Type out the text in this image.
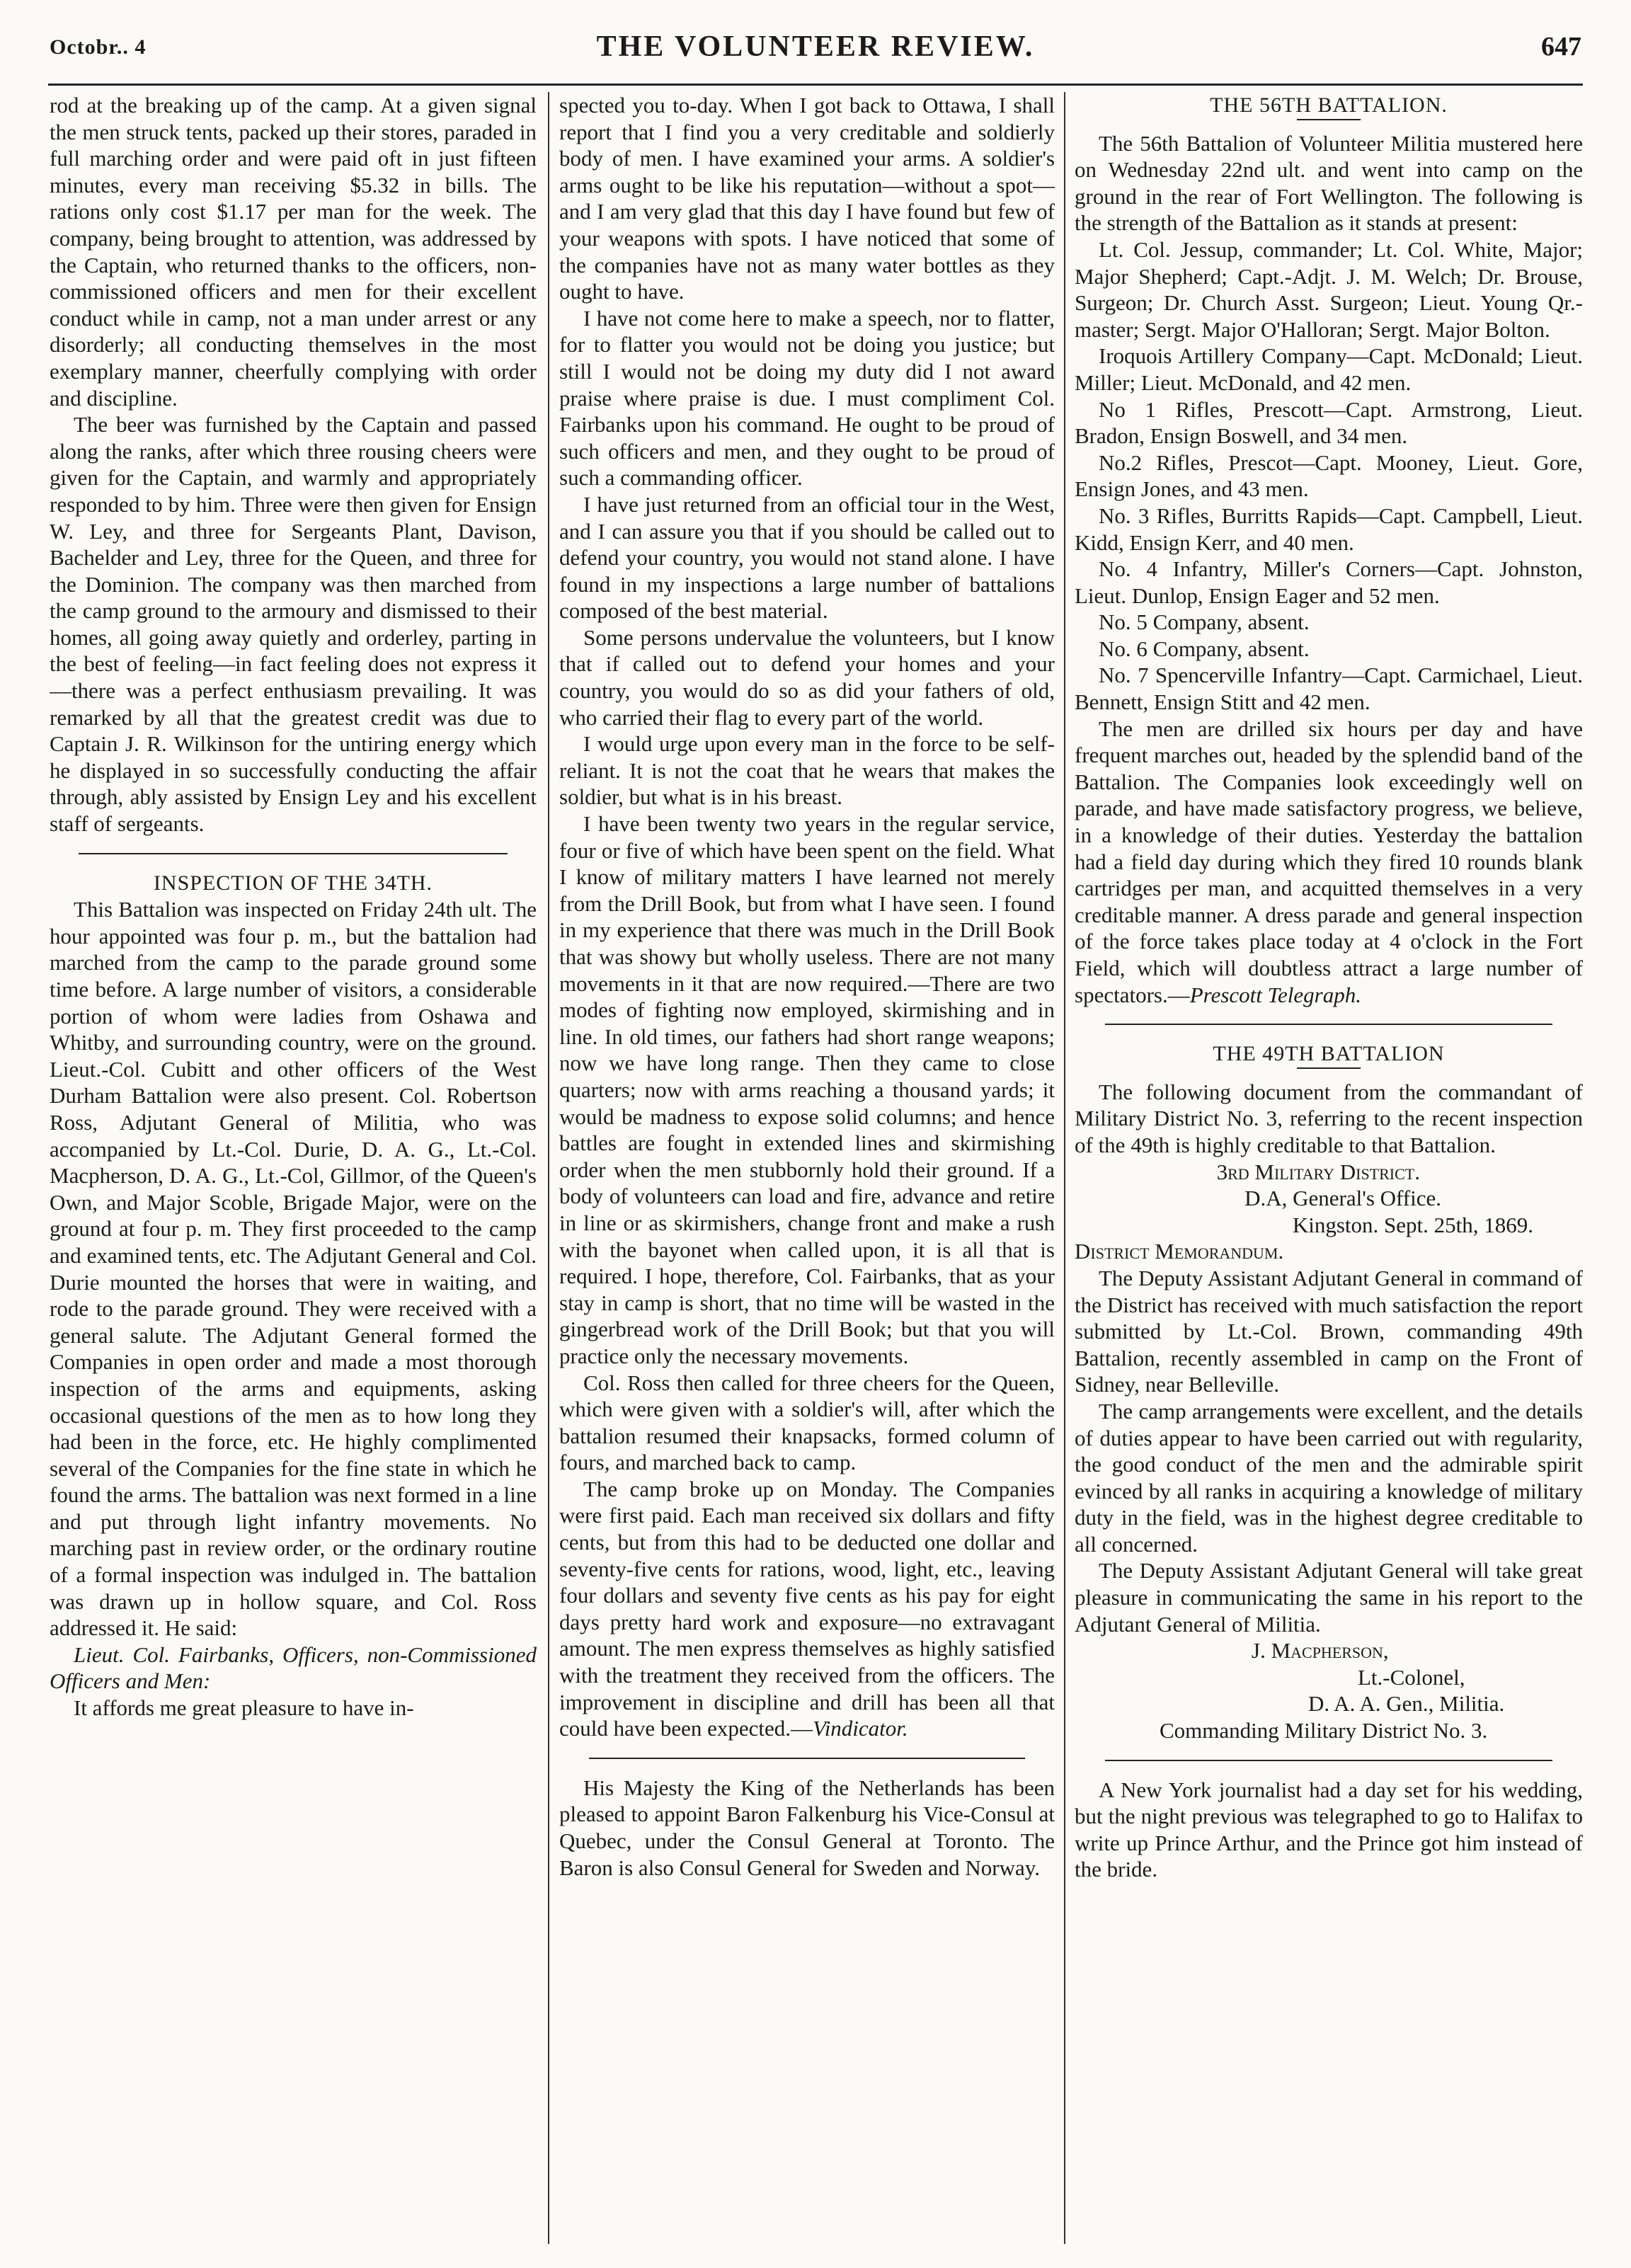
Octobr.. 4	THE VOLUNTEER REVIEW.	647

rod at the breaking up of the camp. At a given signal the men struck tents, packed up their stores, paraded in full marching order and were paid oft in just fifteen minutes, every man receiving $5.32 in bills. The rations only cost $1.17 per man for the week. The company, being brought to attention, was addressed by the Captain, who returned thanks to the officers, non-commissioned officers and men for their excellent conduct while in camp, not a man under arrest or any disorderly; all conducting themselves in the most exemplary manner, cheerfully complying with order and discipline.

The beer was furnished by the Captain and passed along the ranks, after which three rousing cheers were given for the Captain, and warmly and appropriately responded to by him. Three were then given for Ensign W. Ley, and three for Sergeants Plant, Davison, Bachelder and Ley, three for the Queen, and three for the Dominion. The company was then marched from the camp ground to the armoury and dismissed to their homes, all going away quietly and orderley, parting in the best of feeling—in fact feeling does not express it—there was a perfect enthusiasm prevailing. It was remarked by all that the greatest credit was due to Captain J. R. Wilkinson for the untiring energy which he displayed in so successfully conducting the affair through, ably assisted by Ensign Ley and his excellent staff of sergeants.

INSPECTION OF THE 34TH.

This Battalion was inspected on Friday 24th ult. The hour appointed was four p. m., but the battalion had marched from the camp to the parade ground some time before. A large number of visitors, a considerable portion of whom were ladies from Oshawa and Whitby, and surrounding country, were on the ground. Lieut.-Col. Cubitt and other officers of the West Durham Battalion were also present. Col. Robertson Ross, Adjutant General of Militia, who was accompanied by Lt.-Col. Durie, D. A. G., Lt.-Col. Macpherson, D. A. G., Lt.-Col, Gillmor, of the Queen's Own, and Major Scoble, Brigade Major, were on the ground at four p. m. They first proceeded to the camp and examined tents, etc. The Adjutant General and Col. Durie mounted the horses that were in waiting, and rode to the parade ground. They were received with a general salute. The Adjutant General formed the Companies in open order and made a most thorough inspection of the arms and equipments, asking occasional questions of the men as to how long they had been in the force, etc. He highly complimented several of the Companies for the fine state in which he found the arms. The battalion was next formed in a line and put through light infantry movements. No marching past in review order, or the ordinary routine of a formal inspection was indulged in. The battalion was drawn up in hollow square, and Col. Ross addressed it. He said:

Lieut. Col. Fairbanks, Officers, non-Commissioned Officers and Men:

It affords me great pleasure to have in-

spected you to-day. When I got back to Ottawa, I shall report that I find you a very creditable and soldierly body of men. I have examined your arms. A soldier's arms ought to be like his reputation—without a spot—and I am very glad that this day I have found but few of your weapons with spots. I have noticed that some of the companies have not as many water bottles as they ought to have.

I have not come here to make a speech, nor to flatter, for to flatter you would not be doing you justice; but still I would not be doing my duty did I not award praise where praise is due. I must compliment Col. Fairbanks upon his command. He ought to be proud of such officers and men, and they ought to be proud of such a commanding officer.

I have just returned from an official tour in the West, and I can assure you that if you should be called out to defend your country, you would not stand alone. I have found in my inspections a large number of battalions composed of the best material.

Some persons undervalue the volunteers, but I know that if called out to defend your homes and your country, you would do so as did your fathers of old, who carried their flag to every part of the world.

I would urge upon every man in the force to be self-reliant. It is not the coat that he wears that makes the soldier, but what is in his breast.

I have been twenty two years in the regular service, four or five of which have been spent on the field. What I know of military matters I have learned not merely from the Drill Book, but from what I have seen. I found in my experience that there was much in the Drill Book that was showy but wholly useless. There are not many movements in it that are now required.—There are two modes of fighting now employed, skirmishing and in line. In old times, our fathers had short range weapons; now we have long range. Then they came to close quarters; now with arms reaching a thousand yards; it would be madness to expose solid columns; and hence battles are fought in extended lines and skirmishing order when the men stubbornly hold their ground. If a body of volunteers can load and fire, advance and retire in line or as skirmishers, change front and make a rush with the bayonet when called upon, it is all that is required. I hope, therefore, Col. Fairbanks, that as your stay in camp is short, that no time will be wasted in the gingerbread work of the Drill Book; but that you will practice only the necessary movements.

Col. Ross then called for three cheers for the Queen, which were given with a soldier's will, after which the battalion resumed their knapsacks, formed column of fours, and marched back to camp.

The camp broke up on Monday. The Companies were first paid. Each man received six dollars and fifty cents, but from this had to be deducted one dollar and seventy-five cents for rations, wood, light, etc., leaving four dollars and seventy five cents as his pay for eight days pretty hard work and exposure—no extravagant amount. The men express themselves as highly satisfied with the treatment they received from the officers. The improvement in discipline and drill has been all that could have been expected.—Vindicator.

His Majesty the King of the Netherlands has been pleased to appoint Baron Falkenburg his Vice-Consul at Quebec, under the Consul General at Toronto. The Baron is also Consul General for Sweden and Norway.

THE 56TH BATTALION.

The 56th Battalion of Volunteer Militia mustered here on Wednesday 22nd ult. and went into camp on the ground in the rear of Fort Wellington. The following is the strength of the Battalion as it stands at present:

Lt. Col. Jessup, commander; Lt. Col. White, Major; Major Shepherd; Capt.-Adjt. J. M. Welch; Dr. Brouse, Surgeon; Dr. Church Asst. Surgeon; Lieut. Young Qr.-master; Sergt. Major O'Halloran; Sergt. Major Bolton.

Iroquois Artillery Company—Capt. McDonald; Lieut. Miller; Lieut. McDonald, and 42 men.

No 1 Rifles, Prescott—Capt. Armstrong, Lieut. Bradon, Ensign Boswell, and 34 men.

No.2 Rifles, Prescot—Capt. Mooney, Lieut. Gore, Ensign Jones, and 43 men.

No. 3 Rifles, Burritts Rapids—Capt. Campbell, Lieut. Kidd, Ensign Kerr, and 40 men.

No. 4 Infantry, Miller's Corners—Capt. Johnston, Lieut. Dunlop, Ensign Eager and 52 men.

No. 5 Company, absent.

No. 6 Company, absent.

No. 7 Spencerville Infantry—Capt. Carmichael, Lieut. Bennett, Ensign Stitt and 42 men.

The men are drilled six hours per day and have frequent marches out, headed by the splendid band of the Battalion. The Companies look exceedingly well on parade, and have made satisfactory progress, we believe, in a knowledge of their duties. Yesterday the battalion had a field day during which they fired 10 rounds blank cartridges per man, and acquitted themselves in a very creditable manner. A dress parade and general inspection of the force takes place today at 4 o'clock in the Fort Field, which will doubtless attract a large number of spectators.—Prescott Telegraph.

THE 49TH BATTALION

The following document from the commandant of Military District No. 3, referring to the recent inspection of the 49th is highly creditable to that Battalion.

3rd Military District.

D.A, General's Office.

Kingston. Sept. 25th, 1869.

District Memorandum.

The Deputy Assistant Adjutant General in command of the District has received with much satisfaction the report submitted by Lt.-Col. Brown, commanding 49th Battalion, recently assembled in camp on the Front of Sidney, near Belleville.

The camp arrangements were excellent, and the details of duties appear to have been carried out with regularity, the good conduct of the men and the admirable spirit evinced by all ranks in acquiring a knowledge of military duty in the field, was in the highest degree creditable to all concerned.

The Deputy Assistant Adjutant General will take great pleasure in communicating the same in his report to the Adjutant General of Militia.

J. Macpherson,
Lt.-Colonel,
D. A. A. Gen., Militia.
Commanding Military District No. 3.

A New York journalist had a day set for his wedding, but the night previous was telegraphed to go to Halifax to write up Prince Arthur, and the Prince got him instead of the bride.
